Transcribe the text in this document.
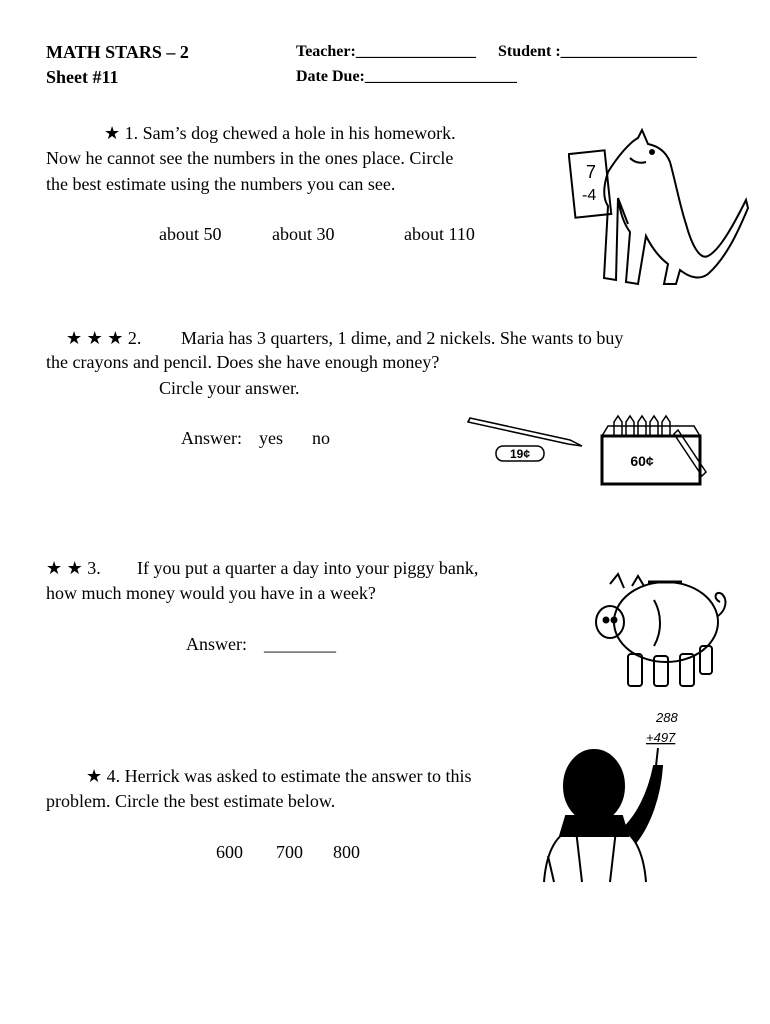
MATH STARS – 2
Sheet #11
Teacher:_______________ Student :_________________
Date Due:___________________
★ 1. Sam’s dog chewed a hole in his homework.
Now he cannot see the numbers in the ones place. Circle
the best estimate using the numbers you can see.
about 50	about 30	about 110
7
-4
★ ★ ★ 2. Maria has 3 quarters, 1 dime, and 2 nickels. She wants to buy
the crayons and pencil. Does she have enough money?
Circle your answer.
Answer: yes no
19¢	60¢
★ ★ 3. If you put a quarter a day into your piggy bank,
how much money would you have in a week?
Answer: ________
★ 4. Herrick was asked to estimate the answer to this
problem. Circle the best estimate below.
600 700 800
288
+497
